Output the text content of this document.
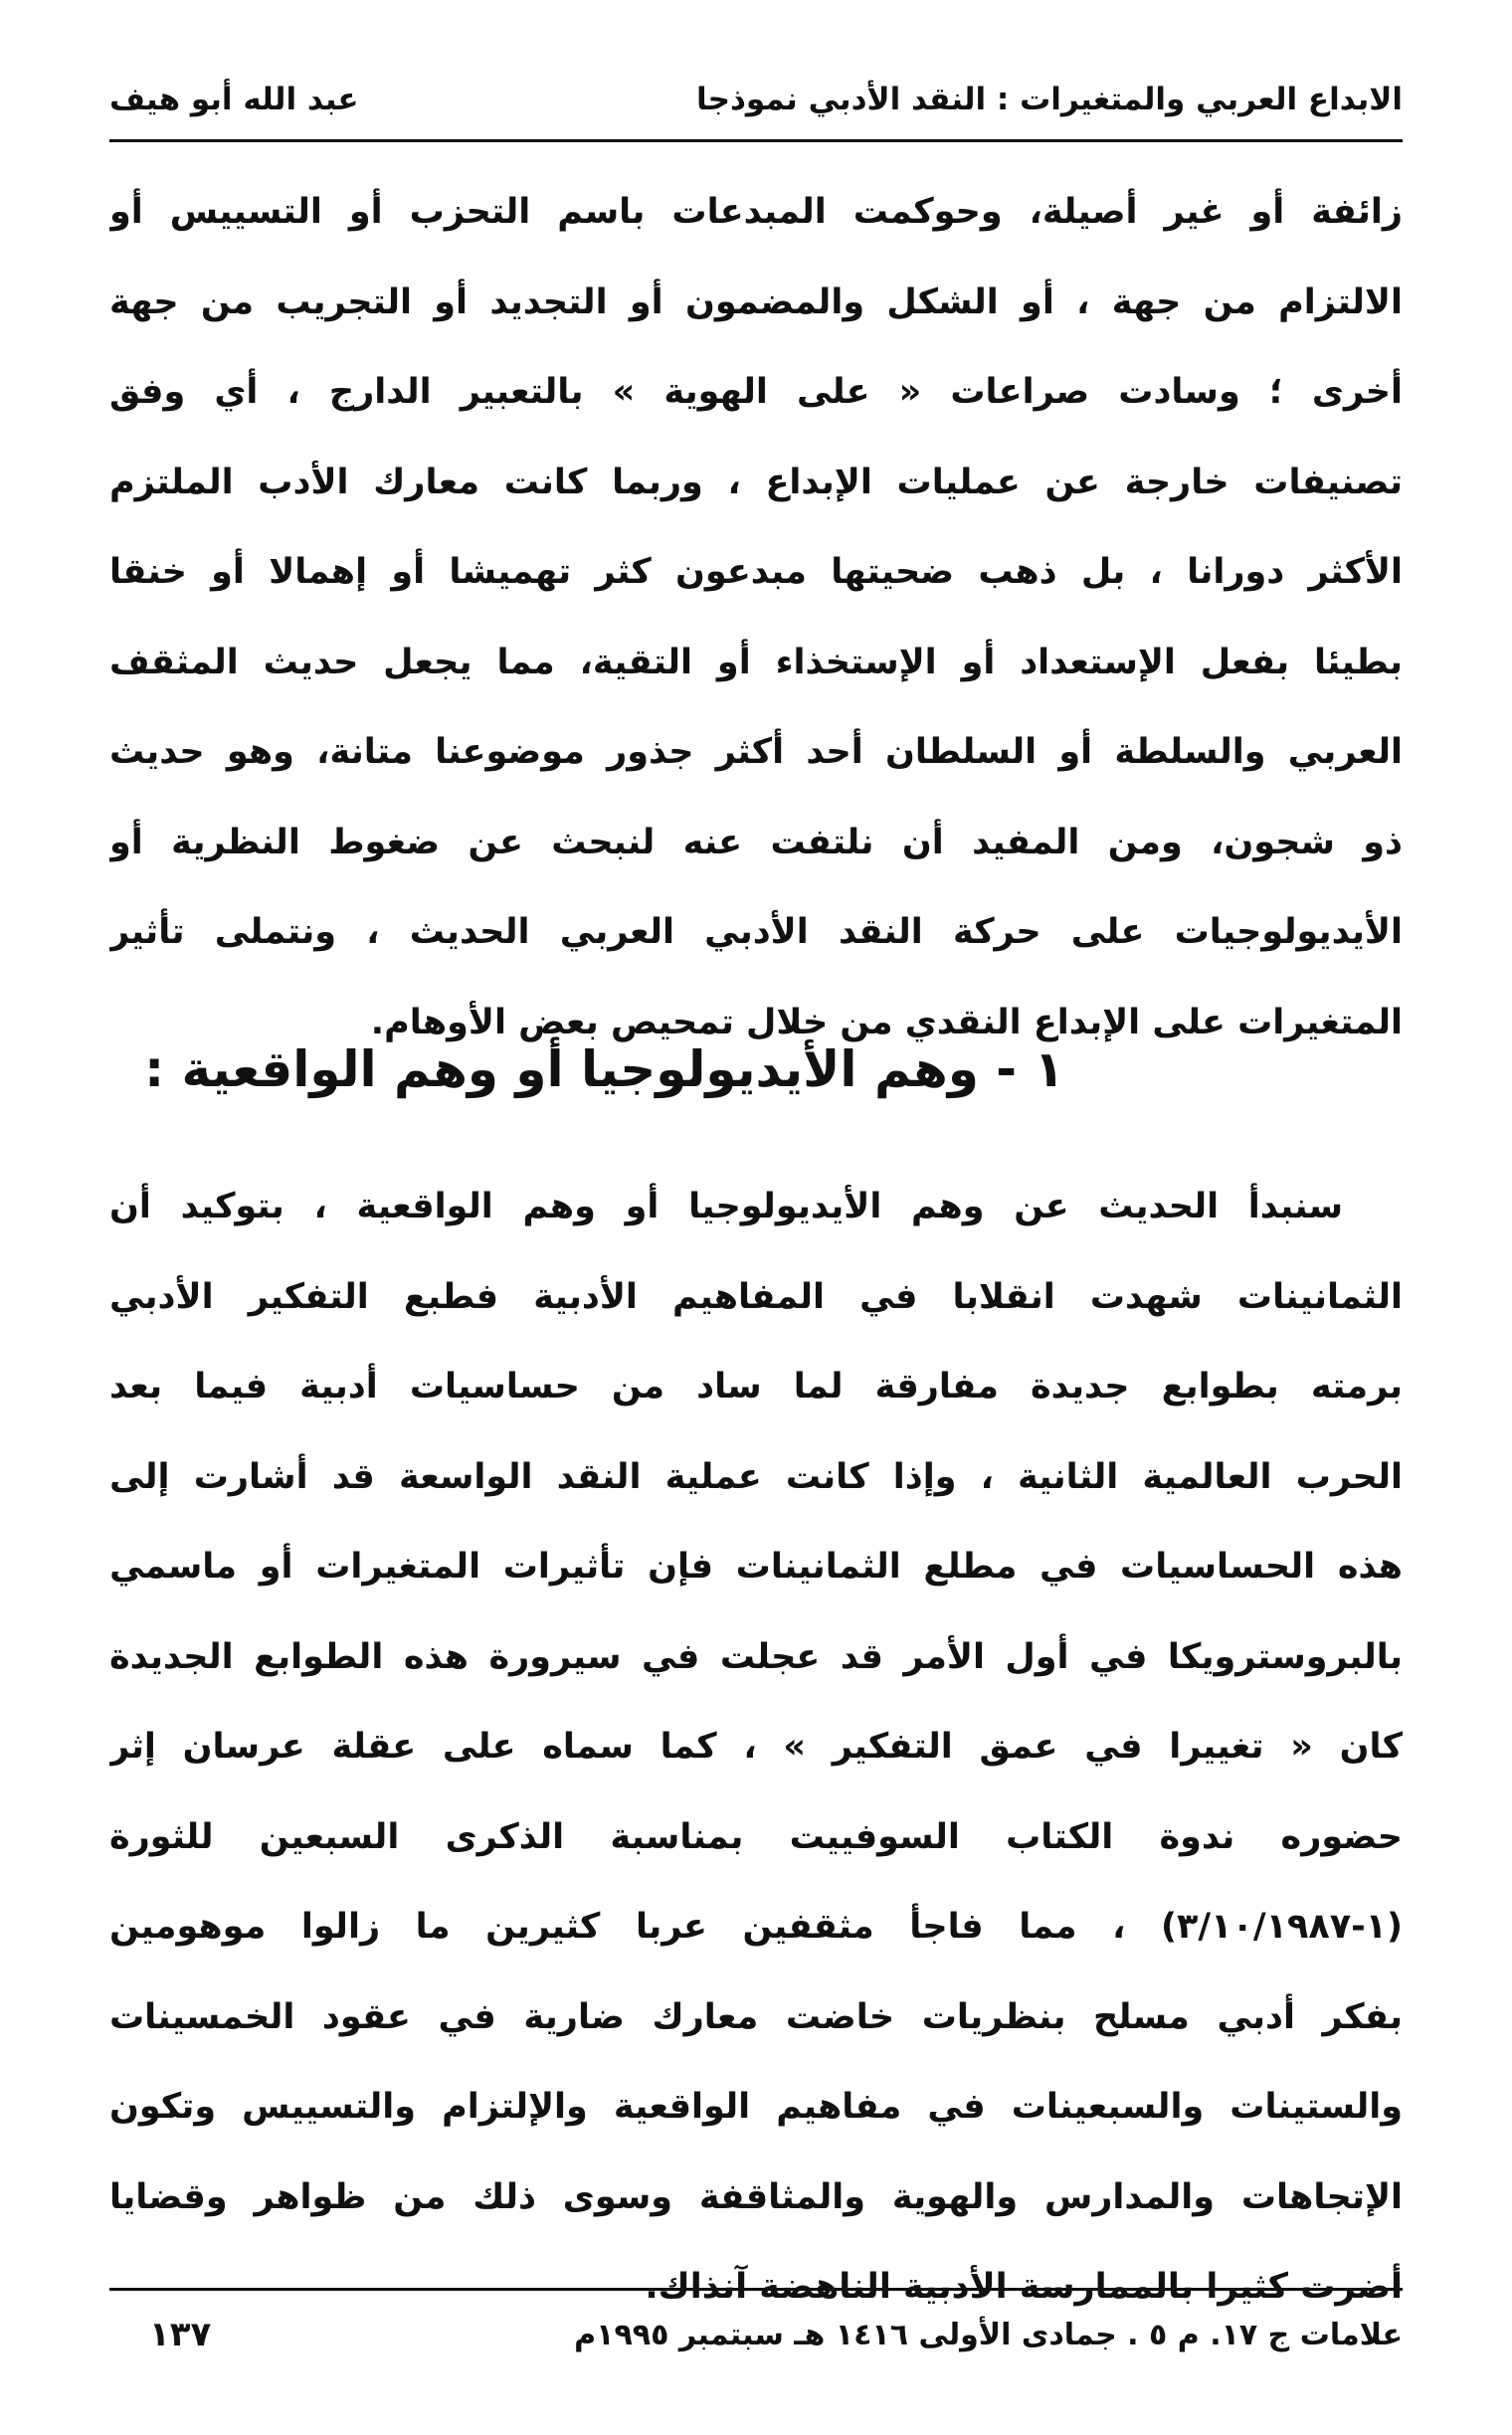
الابداع العربي والمتغيرات : النقد الأدبي نموذجا
عبد الله أبو هيف
زائفة أو غير أصيلة، وحوكمت المبدعات باسم التحزب أو التسييس أو
الالتزام من جهة ، أو الشكل والمضمون أو التجديد أو التجريب من جهة
أخرى ؛ وسادت صراعات « على الهوية » بالتعبير الدارج ، أي وفق
تصنيفات خارجة عن عمليات الإبداع ، وربما كانت معارك الأدب الملتزم
الأكثر دورانا ، بل ذهب ضحيتها مبدعون كثر تهميشا أو إهمالا أو خنقا
بطيئا بفعل الإستعداد أو الإستخذاء أو التقية، مما يجعل حديث المثقف
العربي والسلطة أو السلطان أحد أكثر جذور موضوعنا متانة، وهو حديث
ذو شجون، ومن المفيد أن نلتفت عنه لنبحث عن ضغوط النظرية أو
الأيديولوجيات على حركة النقد الأدبي العربي الحديث ، ونتملى تأثير
المتغيرات على الإبداع النقدي من خلال تمحيص بعض الأوهام.
١ - وهم الأيديولوجيا أو وهم الواقعية :
سنبدأ الحديث عن وهم الأيديولوجيا أو وهم الواقعية ، بتوكيد أن
الثمانينات شهدت انقلابا في المفاهيم الأدبية فطبع التفكير الأدبي
برمته بطوابع جديدة مفارقة لما ساد من حساسيات أدبية فيما بعد
الحرب العالمية الثانية ، وإذا كانت عملية النقد الواسعة قد أشارت إلى
هذه الحساسيات في مطلع الثمانينات فإن تأثيرات المتغيرات أو ماسمي
بالبروسترويكا في أول الأمر قد عجلت في سيرورة هذه الطوابع الجديدة
كان « تغييرا في عمق التفكير » ، كما سماه على عقلة عرسان إثر
حضوره ندوة الكتاب السوفييت بمناسبة الذكرى السبعين للثورة
(١-٣/١٠/١٩٨٧) ، مما فاجأ مثقفين عربا كثيرين ما زالوا موهومين
بفكر أدبي مسلح بنظريات خاضت معارك ضارية في عقود الخمسينات
والستينات والسبعينات في مفاهيم الواقعية والإلتزام والتسييس وتكون
الإتجاهات والمدارس والهوية والمثاقفة وسوى ذلك من ظواهر وقضايا
أضرت كثيرا بالممارسة الأدبية الناهضة آنذاك.
علامات ج ١٧. م ٥ . جمادى الأولى ١٤١٦ هـ سبتمبر ١٩٩٥م
١٣٧
